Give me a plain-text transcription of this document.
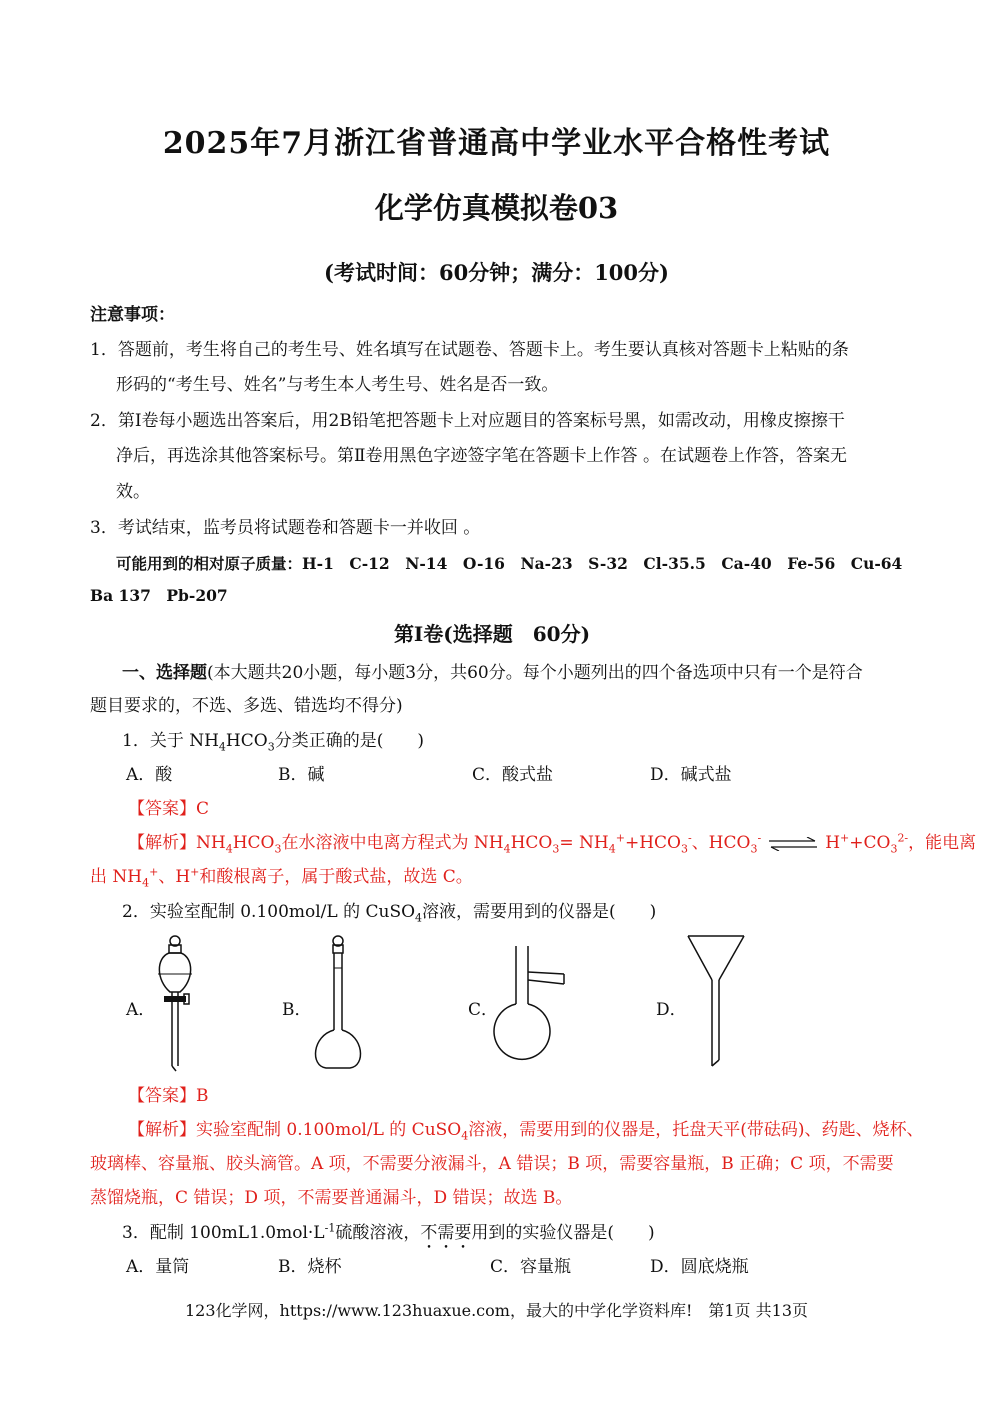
2025年7月浙江省普通高中学业水平合格性考试
化学仿真模拟卷03
(考试时间：60分钟；满分：100分)
注意事项：
1．答题前，考生将自己的考生号、姓名填写在试题卷、答题卡上。考生要认真核对答题卡上粘贴的条
形码的“考生号、姓名”与考生本人考生号、姓名是否一致。
2．第Ⅰ卷每小题选出答案后，用2B铅笔把答题卡上对应题目的答案标号黑，如需改动，用橡皮擦擦干
净后，再选涂其他答案标号。第Ⅱ卷用黑色字迹签字笔在答题卡上作答 。在试题卷上作答，答案无
效。
3．考试结束，监考员将试题卷和答题卡一并收回 。
可能用到的相对原子质量：H-1　C-12　N-14　O-16　Na-23　S-32　Cl-35.5　Ca-40　Fe-56　Cu-64
Ba 137　Pb-207
第Ⅰ卷(选择题　60分)
一、选择题(本大题共20小题，每小题3分，共60分。每个小题列出的四个备选项中只有一个是符合
题目要求的，不选、多选、错选均不得分)
1．关于 $NH_4HCO_3$分类正确的是(　　)
A．酸	B．碱	C．酸式盐	D．碱式盐
【答案】C
【解析】$NH_4HCO_3$在水溶液中电离方程式为 $NH_4HCO_3= NH_4^++HCO_3^-$、$HCO_3^-$ ⇌ $H^++CO_3^{2-}$，能电离
出 $NH_4^+$、H+和酸根离子，属于酸式盐，故选 C。
2．实验室配制 0.100mol/L 的 CuSO$_4$溶液，需要用到的仪器是(　　)
A．	B．	C．	D．
【答案】B
【解析】实验室配制 0.100mol/L 的 CuSO$_4$溶液，需要用到的仪器是，托盘天平(带砝码)、药匙、烧杯、
玻璃棒、容量瓶、胶头滴管。A 项，不需要分液漏斗，A 错误；B 项，需要容量瓶，B 正确；C 项，不需要
蒸馏烧瓶，C 错误；D 项，不需要普通漏斗，D 错误；故选 B。
3．配制 $100mL1.0mol\cdot L^{-1}$硫酸溶液，不需要用到的实验仪器是(　　)
A．量筒	B．烧杯	C．容量瓶	D．圆底烧瓶
123化学网，https://www.123huaxue.com，最大的中学化学资料库!　第1页 共13页
